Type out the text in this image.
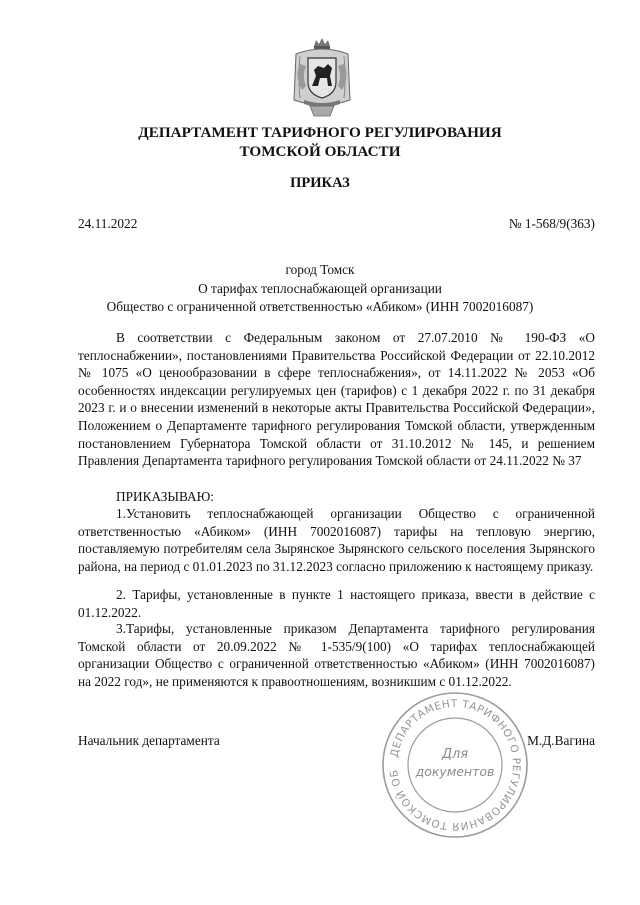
ДЕПАРТАМЕНТ ТАРИФНОГО РЕГУЛИРОВАНИЯ
ТОМСКОЙ ОБЛАСТИ
ПРИКАЗ
24.11.2022	№ 1-568/9(363)
город Томск
О тарифах теплоснабжающей организации
Общество с ограниченной ответственностью «Абиком» (ИНН 7002016087)
В соответствии с Федеральным законом от 27.07.2010 № 190-ФЗ «О теплоснабжении», постановлениями Правительства Российской Федерации от 22.10.2012 № 1075 «О ценообразовании в сфере теплоснабжения», от 14.11.2022 № 2053 «Об особенностях индексации регулируемых цен (тарифов) с 1 декабря 2022 г. по 31 декабря 2023 г. и о внесении изменений в некоторые акты Правительства Российской Федерации», Положением о Департаменте тарифного регулирования Томской области, утвержденным постановлением Губернатора Томской области от 31.10.2012 № 145, и решением Правления Департамента тарифного регулирования Томской области от 24.11.2022 № 37
ПРИКАЗЫВАЮ:
1.Установить теплоснабжающей организации Общество с ограниченной ответственностью «Абиком» (ИНН 7002016087) тарифы на тепловую энергию, поставляемую потребителям села Зырянское Зырянского сельского поселения Зырянского района, на период с 01.01.2023 по 31.12.2023 согласно приложению к настоящему приказу.
2. Тарифы, установленные в пункте 1 настоящего приказа, ввести в действие с 01.12.2022.
3.Тарифы, установленные приказом Департамента тарифного регулирования Томской области от 20.09.2022 № 1-535/9(100) «О тарифах теплоснабжающей организации Общество с ограниченной ответственностью «Абиком» (ИНН 7002016087) на 2022 год», не применяются к правоотношениям, возникшим с 01.12.2022.
Начальник департамента	М.Д.Вагина
ДЕПАРТАМЕНТ ТАРИФНОГО РЕГУЛИРОВАНИЯ ТОМСКОЙ ОБ
Для
документов
